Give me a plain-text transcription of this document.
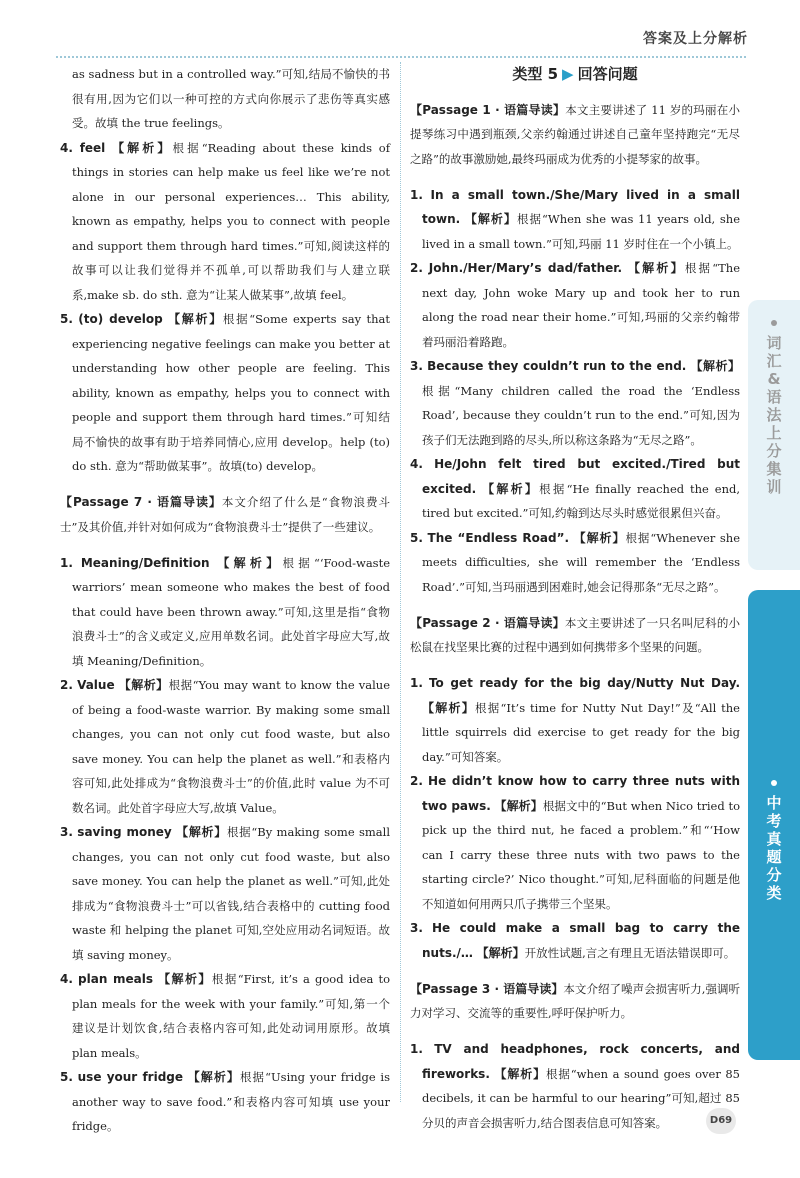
答案及上分解析

as sadness but in a controlled way.”可知,结局不愉快的书很有用,因为它们以一种可控的方式向你展示了悲伤等真实感受。故填 the true feelings。

4. feel 【解析】根据“Reading about these kinds of things in stories can help make us feel like we’re not alone in our personal experiences… This ability, known as empathy, helps you to connect with people and support them through hard times.”可知,阅读这样的故事可以让我们觉得并不孤单,可以帮助我们与人建立联系,make sb. do sth. 意为“让某人做某事”,故填 feel。

5. (to) develop 【解析】根据“Some experts say that experiencing negative feelings can make you better at understanding how other people are feeling. This ability, known as empathy, helps you to connect with people and support them through hard times.”可知结局不愉快的故事有助于培养同情心,应用 develop。help (to) do sth. 意为“帮助做某事”。故填(to) develop。

【Passage 7 · 语篇导读】本文介绍了什么是“食物浪费斗士”及其价值,并针对如何成为“食物浪费斗士”提供了一些建议。

1. Meaning/Definition 【解析】根据“‘Food-waste warriors’ mean someone who makes the best of food that could have been thrown away.”可知,这里是指“食物浪费斗士”的含义或定义,应用单数名词。此处首字母应大写,故填 Meaning/Definition。

2. Value 【解析】根据“You may want to know the value of being a food-waste warrior. By making some small changes, you can not only cut food waste, but also save money. You can help the planet as well.”和表格内容可知,此处排成为“食物浪费斗士”的价值,此时 value 为不可数名词。此处首字母应大写,故填 Value。

3. saving money 【解析】根据“By making some small changes, you can not only cut food waste, but also save money. You can help the planet as well.”可知,此处排成为“食物浪费斗士”可以省钱,结合表格中的 cutting food waste 和 helping the planet 可知,空处应用动名词短语。故填 saving money。

4. plan meals 【解析】根据“First, it’s a good idea to plan meals for the week with your family.”可知,第一个建议是计划饮食,结合表格内容可知,此处动词用原形。故填 plan meals。

5. use your fridge 【解析】根据“Using your fridge is another way to save food.”和表格内容可知填 use your fridge。

类型 5 ▶ 回答问题

【Passage 1 · 语篇导读】本文主要讲述了 11 岁的玛丽在小提琴练习中遇到瓶颈,父亲约翰通过讲述自己童年坚持跑完“无尽之路”的故事激励她,最终玛丽成为优秀的小提琴家的故事。

1. In a small town./She/Mary lived in a small town. 【解析】根据“When she was 11 years old, she lived in a small town.”可知,玛丽 11 岁时住在一个小镇上。

2. John./Her/Mary’s dad/father. 【解析】根据“The next day, John woke Mary up and took her to run along the road near their home.”可知,玛丽的父亲约翰带着玛丽沿着路跑。

3. Because they couldn’t run to the end. 【解析】根据“Many children called the road the ‘Endless Road’, because they couldn’t run to the end.”可知,因为孩子们无法跑到路的尽头,所以称这条路为“无尽之路”。

4. He/John felt tired but excited./Tired but excited. 【解析】根据“He finally reached the end, tired but excited.”可知,约翰到达尽头时感觉很累但兴奋。

5. The “Endless Road”. 【解析】根据“Whenever she meets difficulties, she will remember the ‘Endless Road’.”可知,当玛丽遇到困难时,她会记得那条“无尽之路”。

【Passage 2 · 语篇导读】本文主要讲述了一只名叫尼科的小松鼠在找坚果比赛的过程中遇到如何携带多个坚果的问题。

1. To get ready for the big day/Nutty Nut Day. 【解析】根据“It’s time for Nutty Nut Day!”及“All the little squirrels did exercise to get ready for the big day.”可知答案。

2. He didn’t know how to carry three nuts with two paws. 【解析】根据文中的“But when Nico tried to pick up the third nut, he faced a problem.”和“‘How can I carry these three nuts with two paws to the starting circle?’ Nico thought.”可知,尼科面临的问题是他不知道如何用两只爪子携带三个坚果。

3. He could make a small bag to carry the nuts./… 【解析】开放性试题,言之有理且无语法错误即可。

【Passage 3 · 语篇导读】本文介绍了噪声会损害听力,强调听力对学习、交流等的重要性,呼吁保护听力。

1. TV and headphones, rock concerts, and fireworks. 【解析】根据“when a sound goes over 85 decibels, it can be harmful to our hearing”可知,超过 85 分贝的声音会损害听力,结合图表信息可知答案。

词汇&语法 上分集训
中考真题分类
D69
